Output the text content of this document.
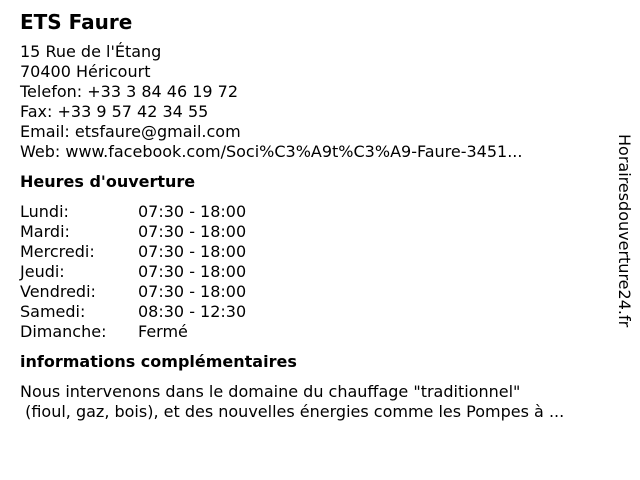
ETS Faure
15 Rue de l'Étang
70400 Héricourt
Telefon: +33 3 84 46 19 72
Fax: +33 9 57 42 34 55
Email: etsfaure@gmail.com
Web: www.facebook.com/Soci%C3%A9t%C3%A9-Faure-3451...
Heures d'ouverture
Lundi:	07:30 - 18:00
Mardi:	07:30 - 18:00
Mercredi:	07:30 - 18:00
Jeudi:	07:30 - 18:00
Vendredi:	07:30 - 18:00
Samedi:	08:30 - 12:30
Dimanche:	Fermé
informations complémentaires
Nous intervenons dans le domaine du chauffage "traditionnel"
(fioul, gaz, bois), et des nouvelles énergies comme les Pompes à ...
Horairesdouverture24.fr
